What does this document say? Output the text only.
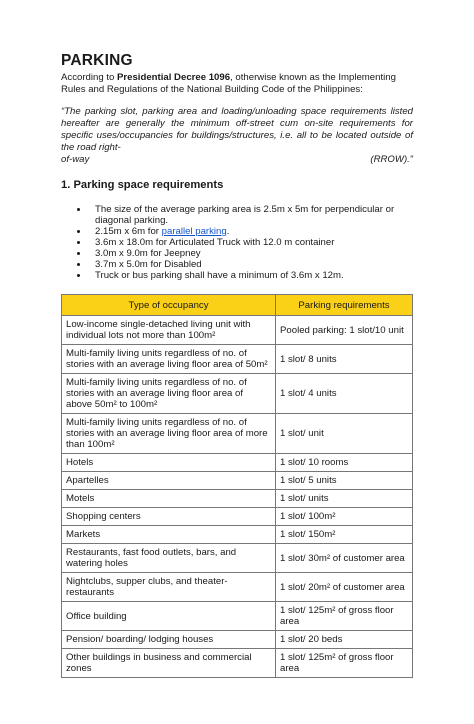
PARKING

According to Presidential Decree 1096, otherwise known as the Implementing Rules and Regulations of the National Building Code of the Philippines:

“The parking slot, parking area and loading/unloading space requirements listed hereafter are generally the minimum off-street cum on-site requirements for specific uses/occupancies for buildings/structures, i.e. all to be located outside of the road right-
of-way	(RROW).”
1. Parking space requirements
• The size of the average parking area is 2.5m x 5m for perpendicular or diagonal parking.
• 2.15m x 6m for parallel parking.
• 3.6m x 18.0m for Articulated Truck with 12.0 m container
• 3.0m x 9.0m for Jeepney
• 3.7m x 5.0m for Disabled
• Truck or bus parking shall have a minimum of 3.6m x 12m.
Type of occupancy	Parking requirements
Low-income single-detached living unit with individual lots not more than 100m²	Pooled parking: 1 slot/10 unit
Multi-family living units regardless of no. of stories with an average living floor area of 50m²	1 slot/ 8 units
Multi-family living units regardless of no. of stories with an average living floor area of above 50m² to 100m²	1 slot/ 4 units
Multi-family living units regardless of no. of stories with an average living floor area of more than 100m²	1 slot/ unit
Hotels	1 slot/ 10 rooms
Apartelles	1 slot/ 5 units
Motels	1 slot/ units
Shopping centers	1 slot/ 100m²
Markets	1 slot/ 150m²
Restaurants, fast food outlets, bars, and watering holes	1 slot/ 30m² of customer area
Nightclubs, supper clubs, and theater-restaurants	1 slot/ 20m² of customer area
Office building	1 slot/ 125m² of gross floor area
Pension/ boarding/ lodging houses	1 slot/ 20 beds
Other buildings in business and commercial zones	1 slot/ 125m² of gross floor area
